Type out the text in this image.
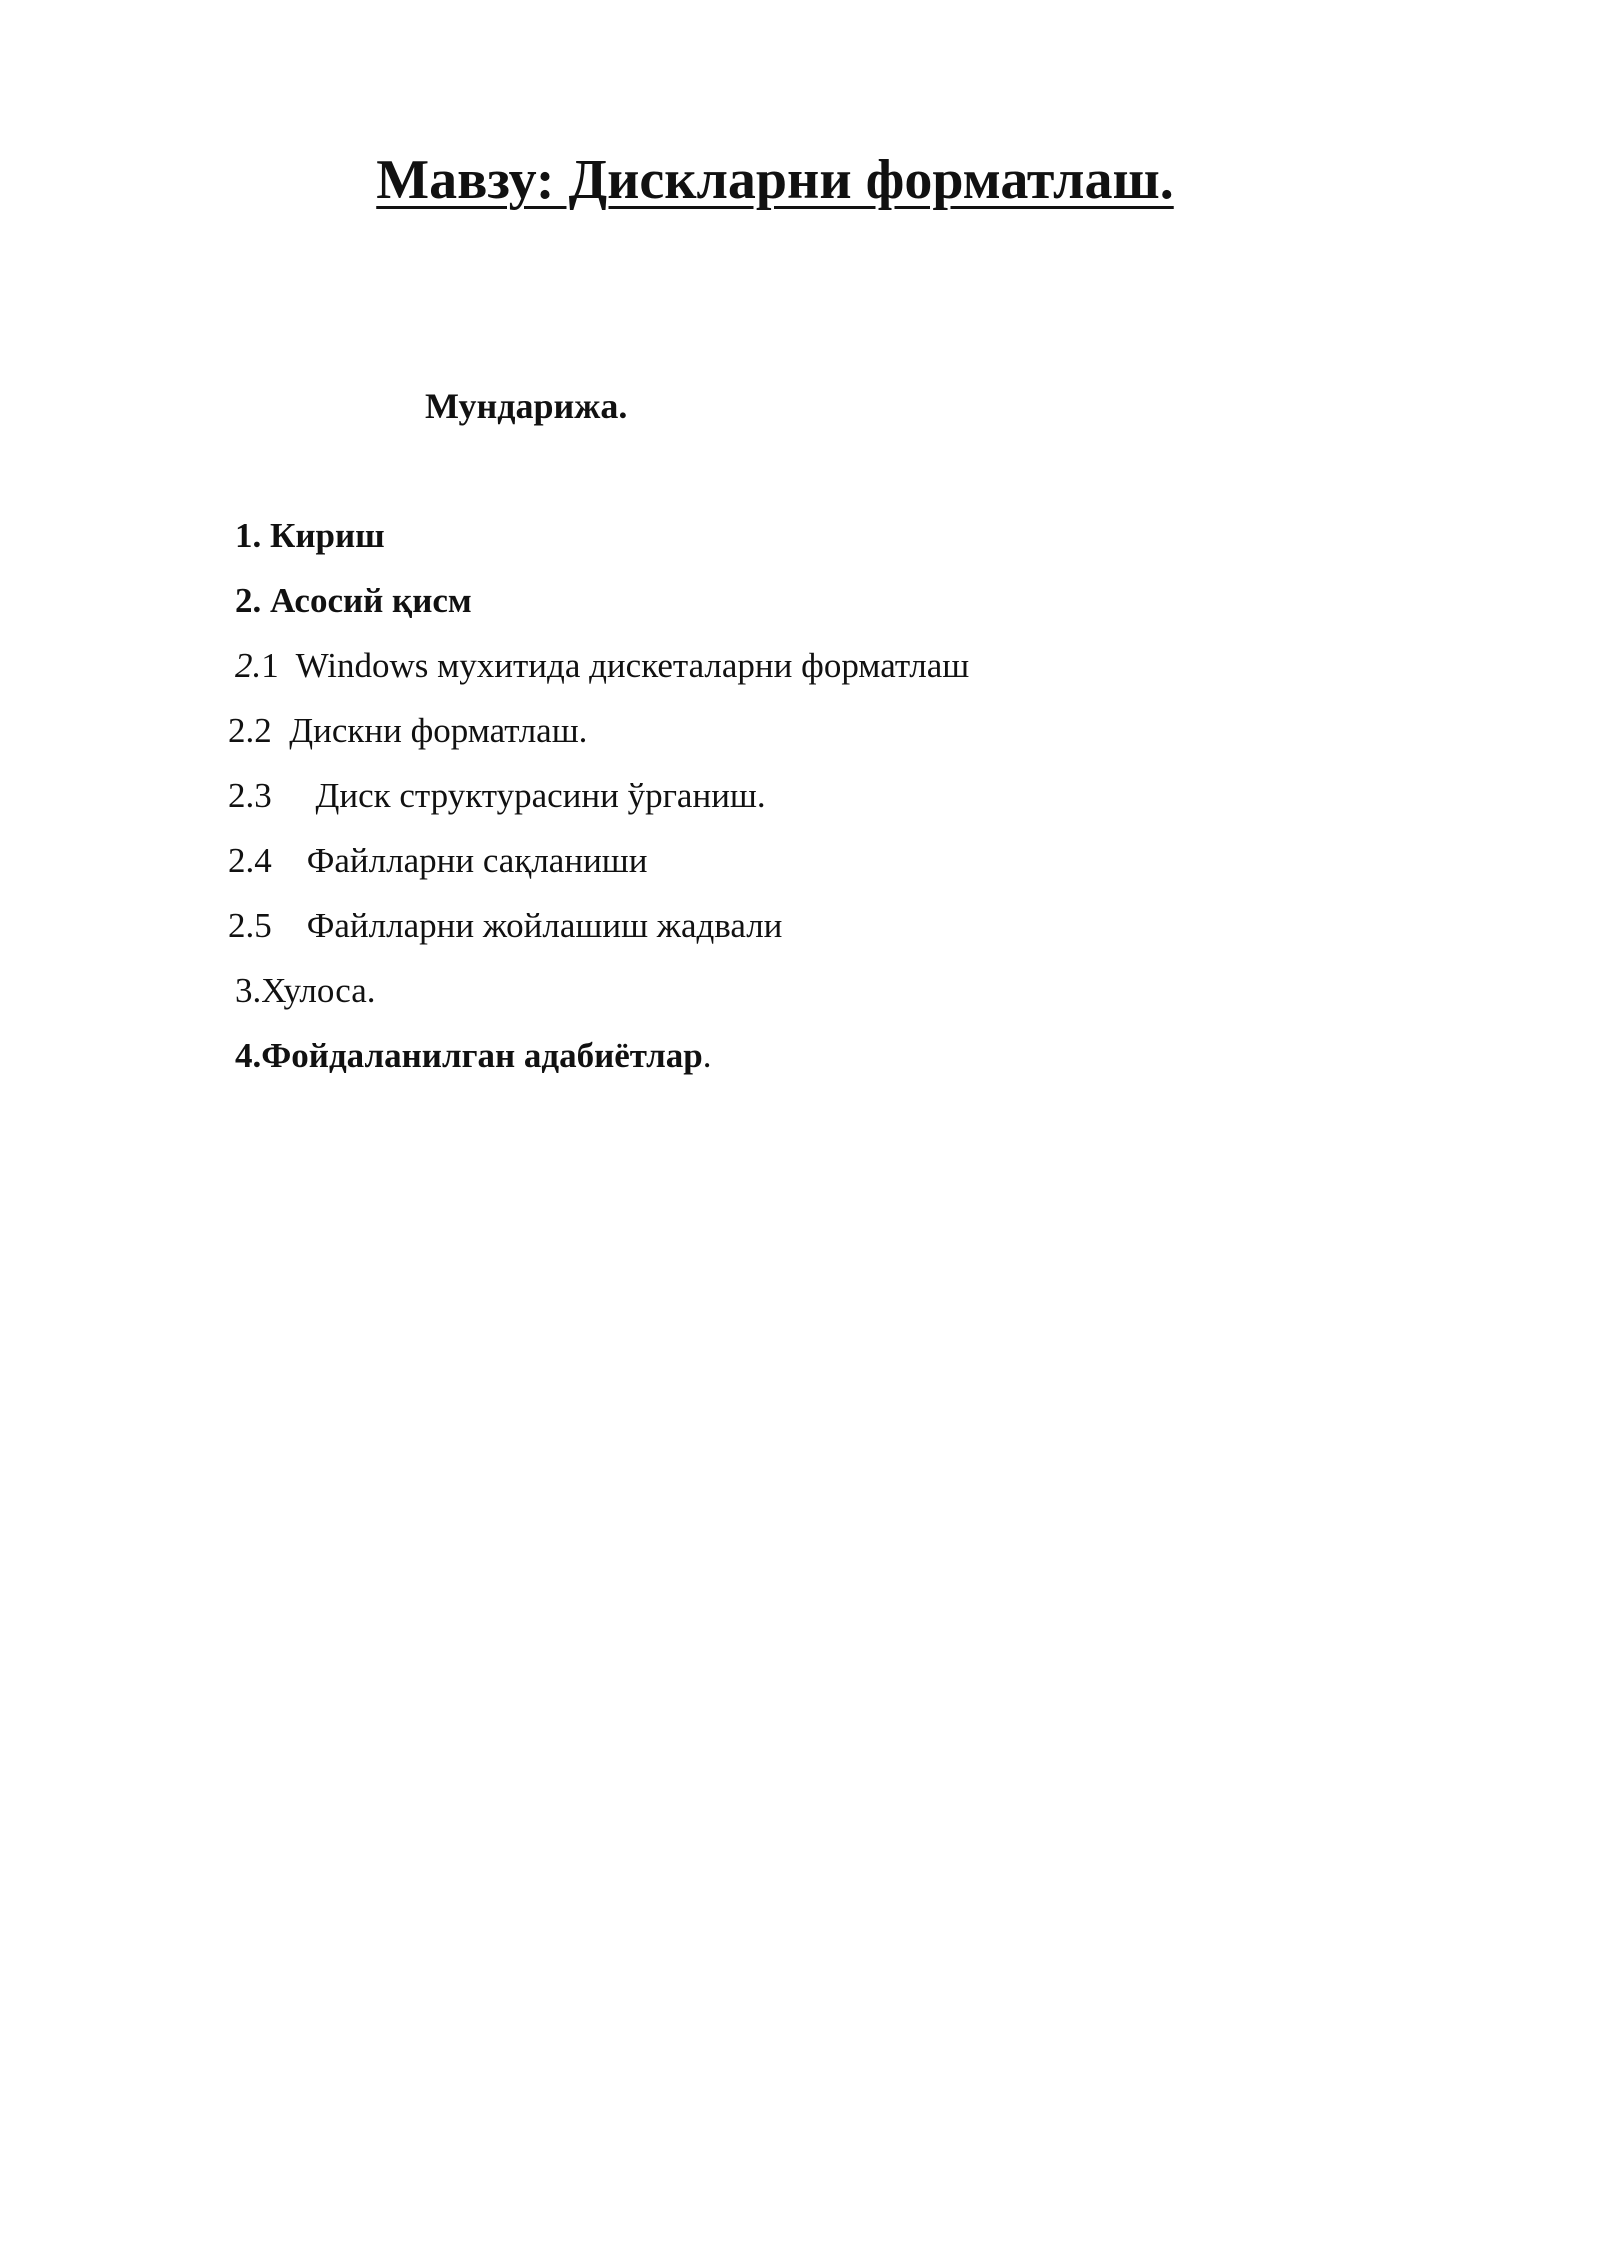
Мавзу: Дискларни форматлаш.
Мундарижа.
1. Кириш
2. Асосий қисм
2.1 Windows мухитида дискеталарни форматлаш
2.2 Дискни форматлаш.
2.3 Диск структурасини ўрганиш.
2.4 Файлларни сақланиши
2.5 Файлларни жойлашиш жадвали
3.Хулоса.
4.Фойдаланилган адабиётлар.
